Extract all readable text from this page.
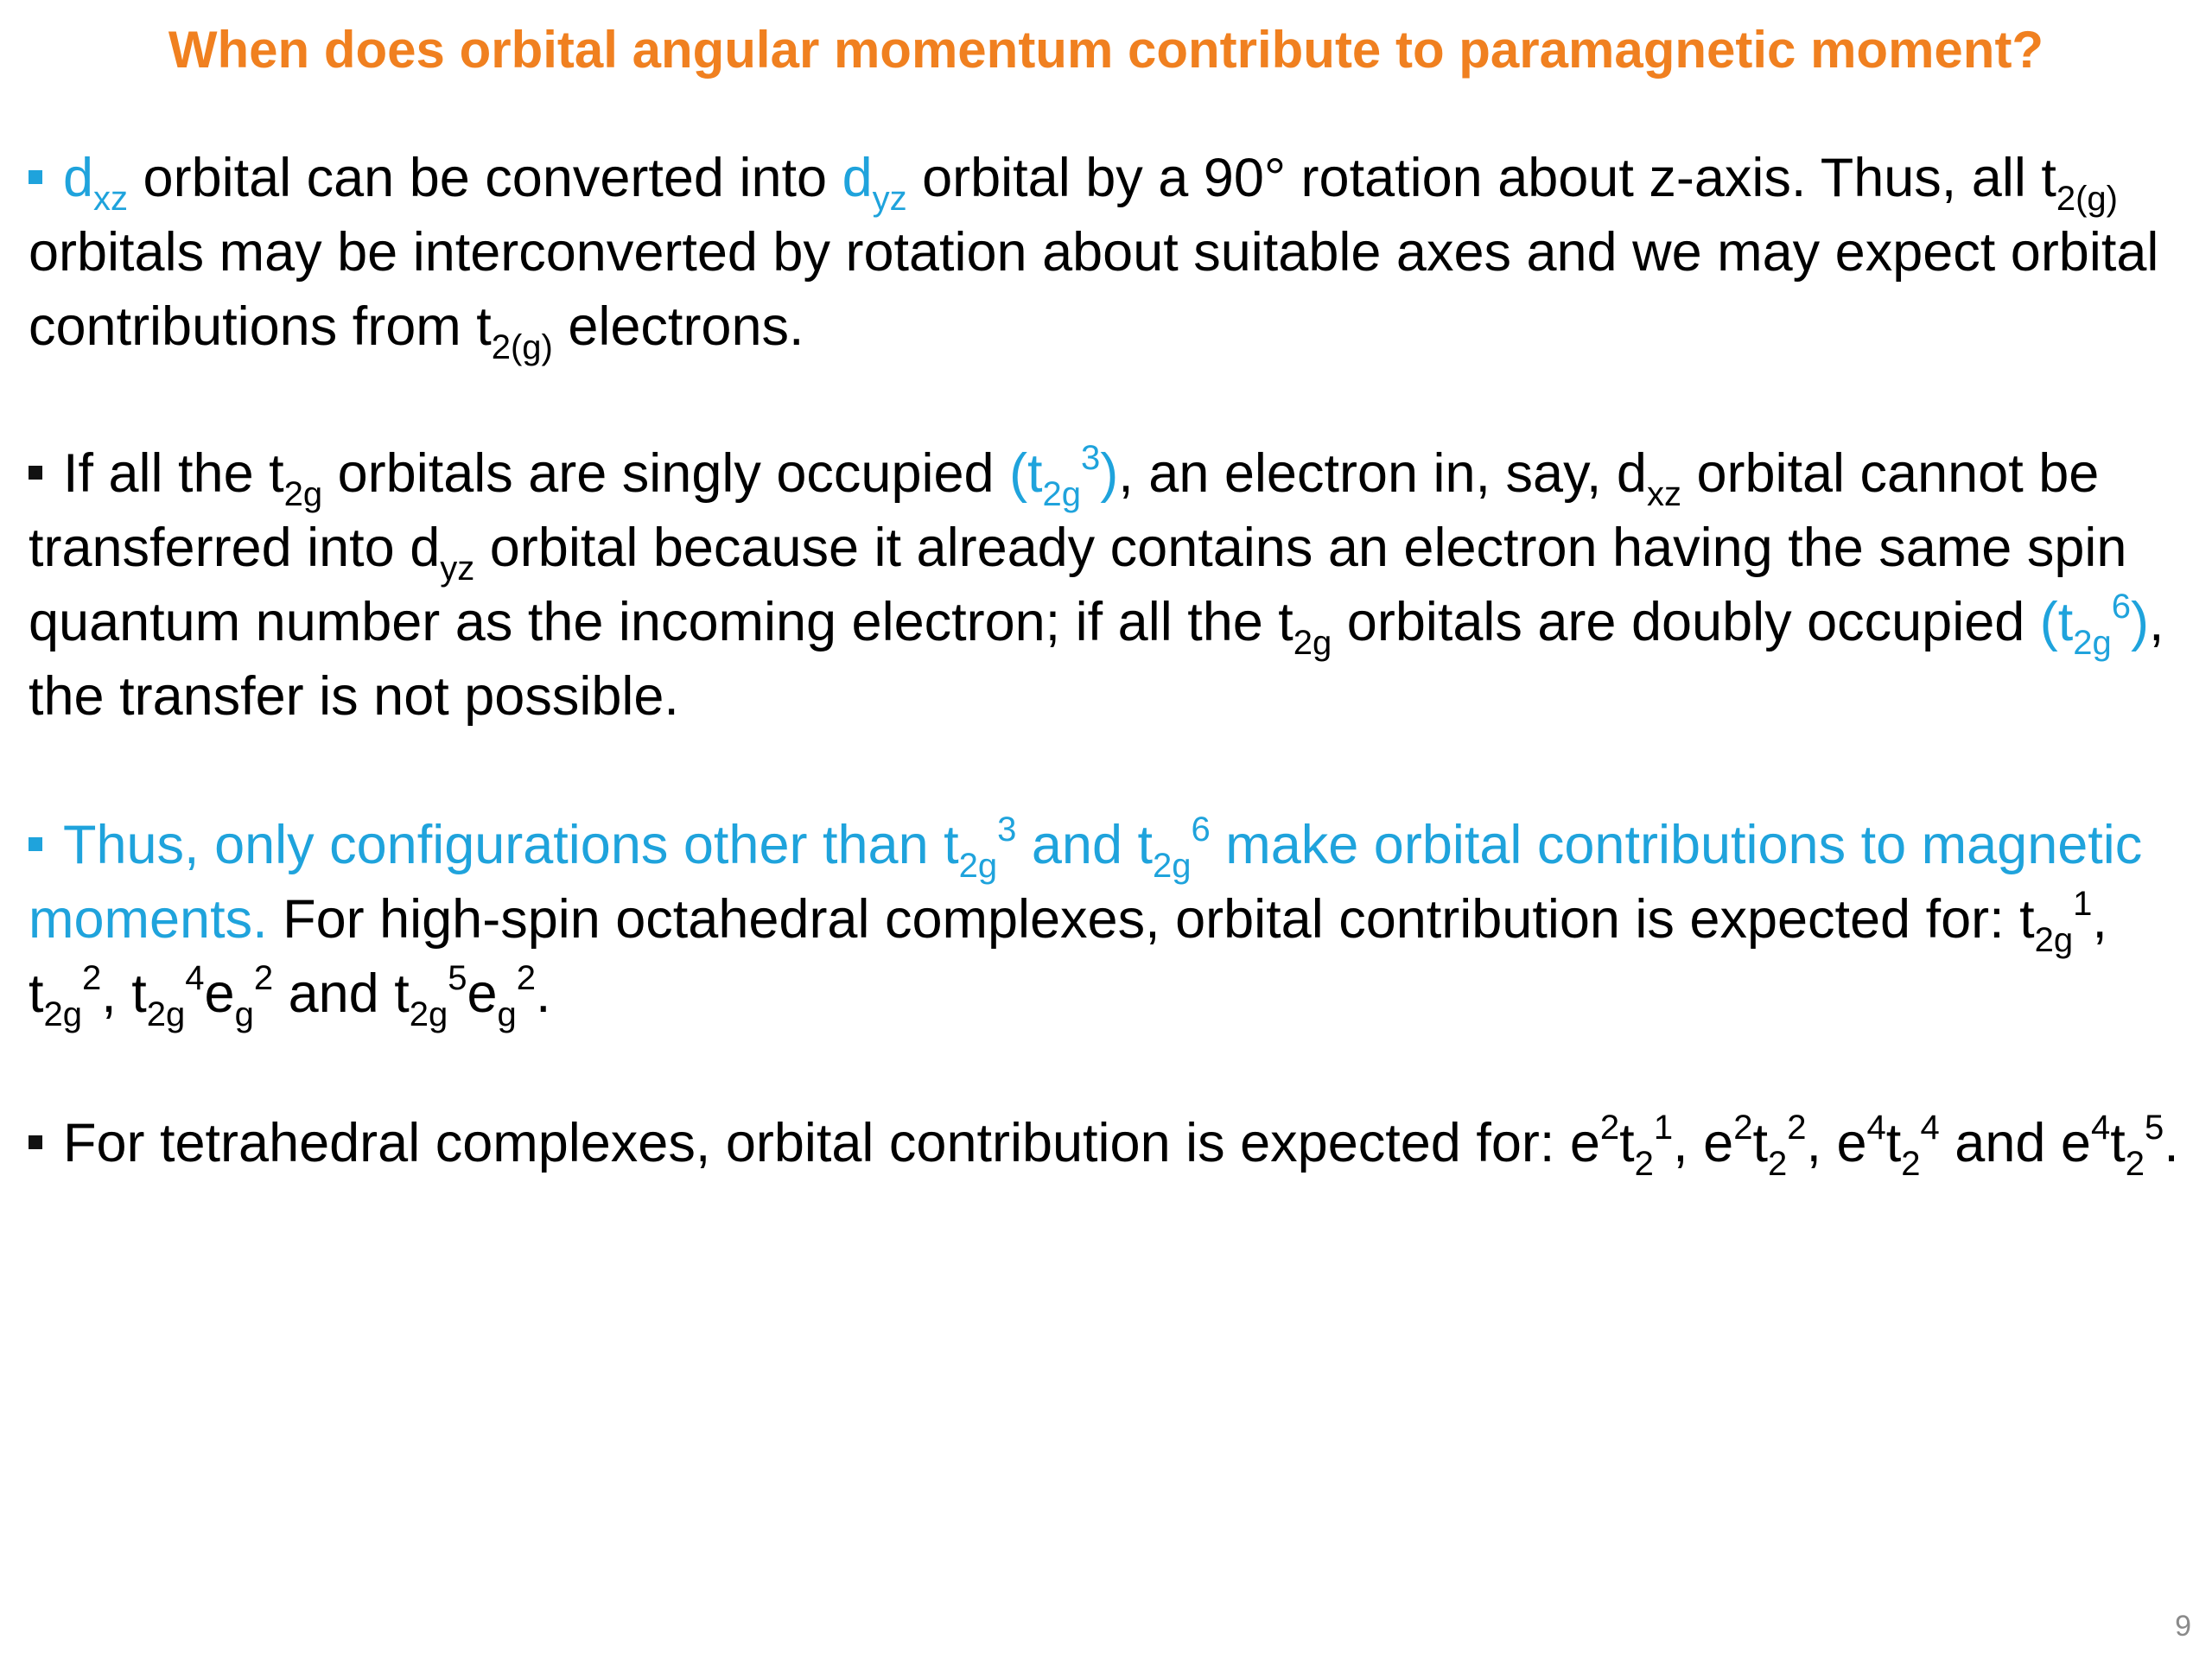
When does orbital angular momentum contribute to paramagnetic moment?
$d_{xz}$ orbital can be converted into $d_{yz}$ orbital by a 90° rotation about z-axis. Thus, all $t_{2(g)}$ orbitals may be interconverted by rotation about suitable axes and we may expect orbital contributions from $t_{2(g)}$ electrons.
If all the $t_{2g}$ orbitals are singly occupied $(t_{2g}^3)$, an electron in, say, $d_{xz}$ orbital cannot be transferred into $d_{yz}$ orbital because it already contains an electron having the same spin quantum number as the incoming electron; if all the $t_{2g}$ orbitals are doubly occupied $(t_{2g}^6)$, the transfer is not possible.
Thus, only configurations other than $t_{2g}^3$ and $t_{2g}^6$ make orbital contributions to magnetic moments. For high-spin octahedral complexes, orbital contribution is expected for: $t_{2g}^1$, $t_{2g}^2$, $t_{2g}^4e_g^2$ and $t_{2g}^5e_g^2$.
For tetrahedral complexes, orbital contribution is expected for: $e^2t_2^1$, $e^2t_2^2$, $e^4t_2^4$ and $e^4t_2^5$.
9
